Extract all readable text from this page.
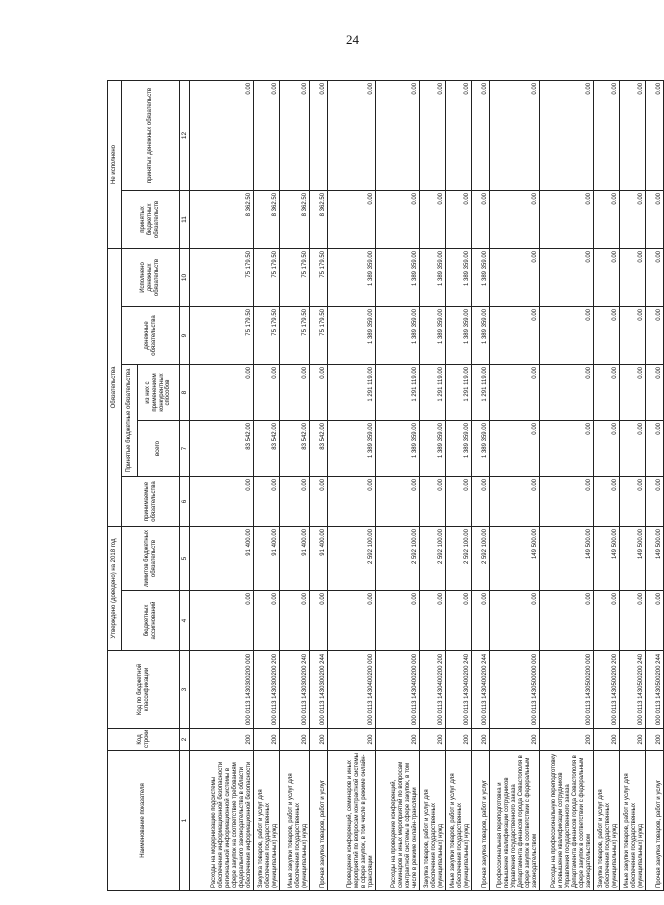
24
Наименование показателя	Код строки	Код по бюджетной классификации	Утверждено (доведено) на 2018 год		Обязательства					Не исполнено	
			бюджетных ассигнований	лимитов бюджетных обязательств	принимаемые обязательства	Принятые бюджетные обязательства		денежные обязательства	Исполнено денежных обязательств	принятых бюджетных обязательств	принятых денежных обязательств
						всего	из них с применением конкурентных способов				
1	2	3	4	5	6	7	8	9	10	11	12
Расходы на модернизацию подсистемы обеспечения информационной безопасности региональной информационной системы в сфере закупок на соответствие требованиям федерального законодательства в области обеспечения информационной безопасности	200	000 0113 1430300200 000	0.00	91 400.00	0.00	83 542.00	0.00	75 179.50	75 179.50	8 362.50	0.00
Закупка товаров, работ и услуг для обеспечения государственных (муниципальных) нужд	200	000 0113 1430300200 200	0.00	91 400.00	0.00	83 542.00	0.00	75 179.50	75 179.50	8 362.50	0.00
Иные закупки товаров, работ и услуг для обеспечения государственных (муниципальных) нужд	200	000 0113 1430300200 240	0.00	91 400.00	0.00	83 542.00	0.00	75 179.50	75 179.50	8 362.50	0.00
Прочая закупка товаров, работ и услуг	200	000 0113 1430300200 244	0.00	91 400.00	0.00	83 542.00	0.00	75 179.50	75 179.50	8 362.50	0.00
Проведение конференций, семинаров и иных мероприятий по вопросам контрактной системы в сфере закупок, в том числе в режиме онлайн-трансляции	200	000 0113 1430400200 000	0.00	2 592 100.00	0.00	1 389 359.00	1 291 119.00	1 389 359.00	1 389 359.00	0.00	0.00
Расходы на проведение конференций, семинаров и иных мероприятий по вопросам контрактной системы в сфере закупок, в том числе в режиме онлайн-трансляции	200	000 0113 1430400200 000	0.00	2 592 100.00	0.00	1 389 359.00	1 291 119.00	1 389 359.00	1 389 359.00	0.00	0.00
Закупка товаров, работ и услуг для обеспечения государственных (муниципальных) нужд	200	000 0113 1430400200 200	0.00	2 592 100.00	0.00	1 389 359.00	1 291 119.00	1 389 359.00	1 389 359.00	0.00	0.00
Иные закупки товаров, работ и услуг для обеспечения государственных (муниципальных) нужд	200	000 0113 1430400200 240	0.00	2 592 100.00	0.00	1 389 359.00	1 291 119.00	1 389 359.00	1 389 359.00	0.00	0.00
Прочая закупка товаров, работ и услуг	200	000 0113 1430400200 244	0.00	2 592 100.00	0.00	1 389 359.00	1 291 119.00	1 389 359.00	1 389 359.00	0.00	0.00
Профессиональная переподготовка и повышение квалификации сотрудников Управления государственного заказа Департамента финансов города Севастополя в сфере закупок в соответствии с федеральным законодательством	200	000 0113 1430500000 000	0.00	149 500.00	0.00	0.00	0.00	0.00	0.00	0.00	0.00
Расходы на профессиональную переподготовку и повышение квалификации сотрудников Управления государственного заказа Департамента финансов города Севастополя в сфере закупок в соответствии с федеральным законодательством	200	000 0113 1430500200 000	0.00	149 500.00	0.00	0.00	0.00	0.00	0.00	0.00	0.00
Закупка товаров, работ и услуг для обеспечения государственных (муниципальных) нужд	200	000 0113 1430500200 200	0.00	149 500.00	0.00	0.00	0.00	0.00	0.00	0.00	0.00
Иные закупки товаров, работ и услуг для обеспечения государственных (муниципальных) нужд	200	000 0113 1430500200 240	0.00	149 500.00	0.00	0.00	0.00	0.00	0.00	0.00	0.00
Прочая закупка товаров, работ и услуг	200	000 0113 1430500200 244	0.00	149 500.00	0.00	0.00	0.00	0.00	0.00	0.00	0.00
